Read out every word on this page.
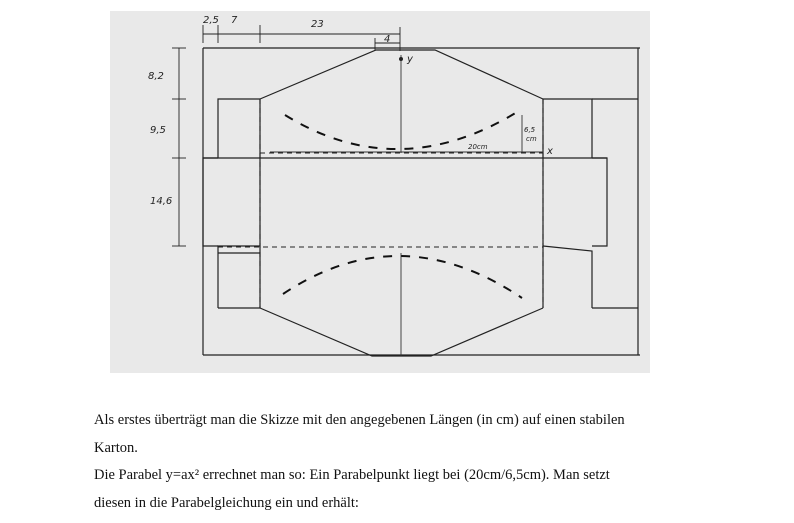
2,5 7	23
4
8,2
9,5
14,6
y
x
20cm
6,5
cm
Als erstes überträgt man die Skizze mit den angegebenen Längen (in cm) auf einen stabilen
Karton.
Die Parabel y=ax² errechnet man so: Ein Parabelpunkt liegt bei (20cm/6,5cm). Man setzt
diesen in die Parabelgleichung ein und erhält:
